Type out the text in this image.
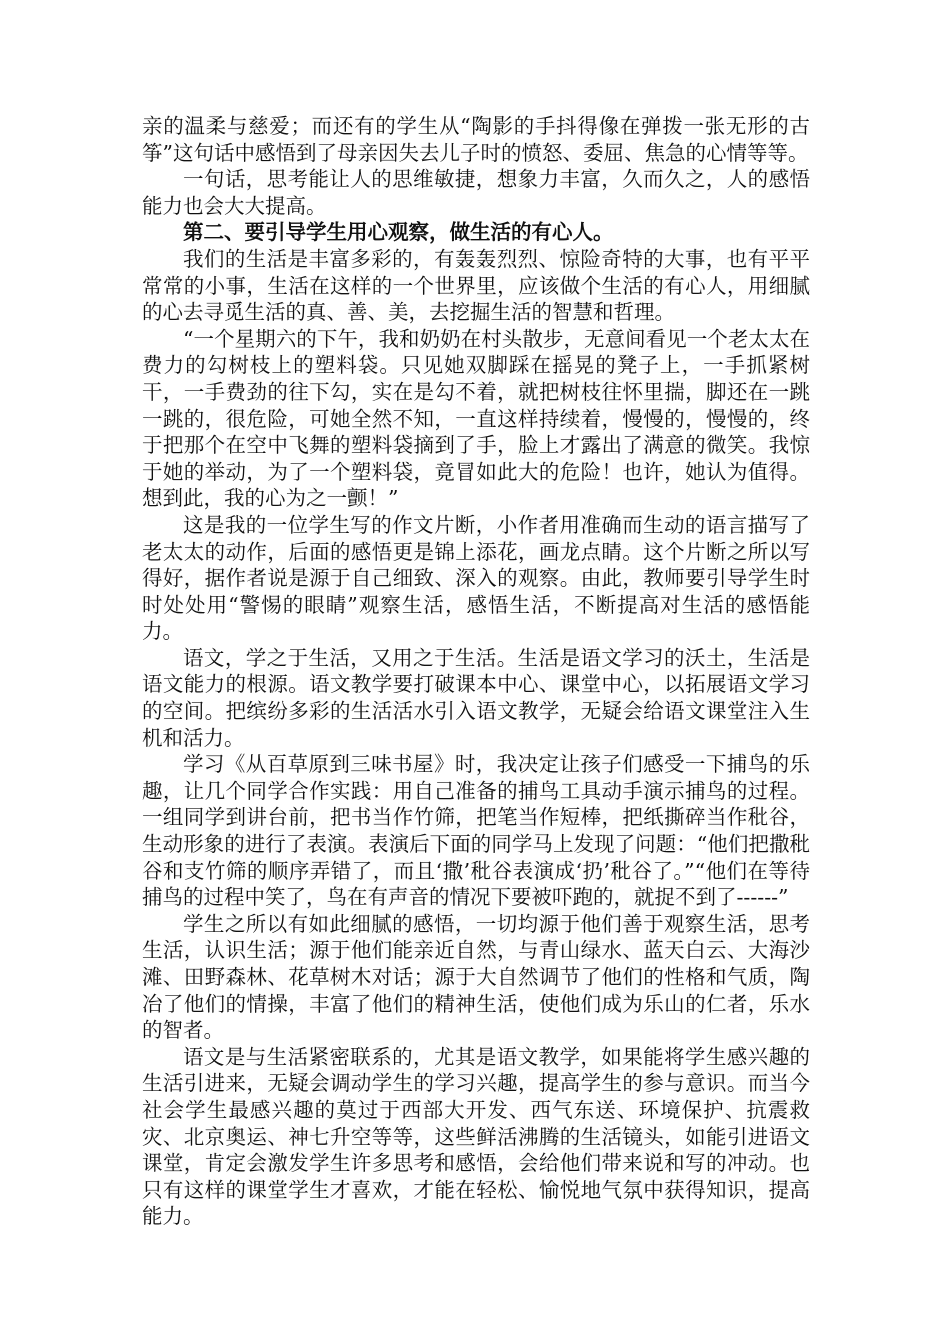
亲的温柔与慈爱；而还有的学生从“陶影的手抖得像在弹拨一张无形的古筝”这句话中感悟到了母亲因失去儿子时的愤怒、委屈、焦急的心情等等。

一句话，思考能让人的思维敏捷，想象力丰富，久而久之，人的感悟能力也会大大提高。

第二、要引导学生用心观察，做生活的有心人。

我们的生活是丰富多彩的，有轰轰烈烈、惊险奇特的大事，也有平平常常的小事，生活在这样的一个世界里，应该做个生活的有心人，用细腻的心去寻觅生活的真、善、美，去挖掘生活的智慧和哲理。

“一个星期六的下午，我和奶奶在村头散步，无意间看见一个老太太在费力的勾树枝上的塑料袋。只见她双脚踩在摇晃的凳子上，一手抓紧树干，一手费劲的往下勾，实在是勾不着，就把树枝往怀里揣，脚还在一跳一跳的，很危险，可她全然不知，一直这样持续着，慢慢的，慢慢的，终于把那个在空中飞舞的塑料袋摘到了手，脸上才露出了满意的微笑。我惊于她的举动，为了一个塑料袋，竟冒如此大的危险！也许，她认为值得。想到此，我的心为之一颤！”

这是我的一位学生写的作文片断，小作者用准确而生动的语言描写了老太太的动作，后面的感悟更是锦上添花，画龙点睛。这个片断之所以写得好，据作者说是源于自己细致、深入的观察。由此，教师要引导学生时时处处用“警惕的眼睛”观察生活，感悟生活，不断提高对生活的感悟能力。

语文，学之于生活，又用之于生活。生活是语文学习的沃土，生活是语文能力的根源。语文教学要打破课本中心、课堂中心，以拓展语文学习的空间。把缤纷多彩的生活活水引入语文教学，无疑会给语文课堂注入生机和活力。

学习《从百草原到三味书屋》时，我决定让孩子们感受一下捕鸟的乐趣，让几个同学合作实践：用自己准备的捕鸟工具动手演示捕鸟的过程。一组同学到讲台前，把书当作竹筛，把笔当作短棒，把纸撕碎当作秕谷，生动形象的进行了表演。表演后下面的同学马上发现了问题：“他们把撒秕谷和支竹筛的顺序弄错了，而且‘撒’秕谷表演成‘扔’秕谷了。”“他们在等待捕鸟的过程中笑了，鸟在有声音的情况下要被吓跑的，就捉不到了------”

学生之所以有如此细腻的感悟，一切均源于他们善于观察生活，思考生活，认识生活；源于他们能亲近自然，与青山绿水、蓝天白云、大海沙滩、田野森林、花草树木对话；源于大自然调节了他们的性格和气质，陶冶了他们的情操，丰富了他们的精神生活，使他们成为乐山的仁者，乐水的智者。

语文是与生活紧密联系的，尤其是语文教学，如果能将学生感兴趣的生活引进来，无疑会调动学生的学习兴趣，提高学生的参与意识。而当今社会学生最感兴趣的莫过于西部大开发、西气东送、环境保护、抗震救灾、北京奥运、神七升空等等，这些鲜活沸腾的生活镜头，如能引进语文课堂，肯定会激发学生许多思考和感悟，会给他们带来说和写的冲动。也只有这样的课堂学生才喜欢，才能在轻松、愉悦地气氛中获得知识，提高能力。
